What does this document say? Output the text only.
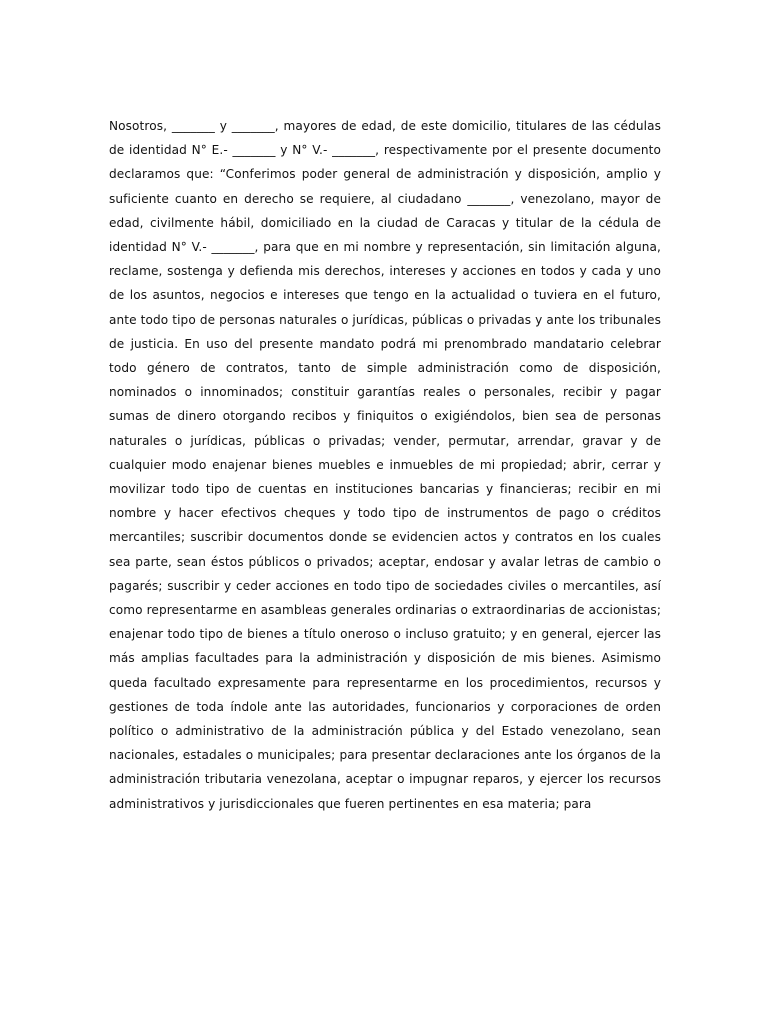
Nosotros, _______ y _______, mayores de edad, de este domicilio, titulares de las cédulas de identidad N° E.- _______ y N° V.- _______, respectivamente por el presente documento declaramos que: “Conferimos poder general de administración y disposición, amplio y suficiente cuanto en derecho se requiere, al ciudadano _______, venezolano, mayor de edad, civilmente hábil, domiciliado en la ciudad de Caracas y titular de la cédula de identidad N° V.- _______, para que en mi nombre y representación, sin limitación alguna, reclame, sostenga y defienda mis derechos, intereses y acciones en todos y cada y uno de los asuntos, negocios e intereses que tengo en la actualidad o tuviera en el futuro, ante todo tipo de personas naturales o jurídicas, públicas o privadas y ante los tribunales de justicia. En uso del presente mandato podrá mi prenombrado mandatario celebrar todo género de contratos, tanto de simple administración como de disposición, nominados o innominados; constituir garantías reales o personales, recibir y pagar sumas de dinero otorgando recibos y finiquitos o exigiéndolos, bien sea de personas naturales o jurídicas, públicas o privadas; vender, permutar, arrendar, gravar y de cualquier modo enajenar bienes muebles e inmuebles de mi propiedad; abrir, cerrar y movilizar todo tipo de cuentas en instituciones bancarias y financieras; recibir en mi nombre y hacer efectivos cheques y todo tipo de instrumentos de pago o créditos mercantiles; suscribir documentos donde se evidencien actos y contratos en los cuales sea parte, sean éstos públicos o privados; aceptar, endosar y avalar letras de cambio o pagarés; suscribir y ceder acciones en todo tipo de sociedades civiles o mercantiles, así como representarme en asambleas generales ordinarias o extraordinarias de accionistas; enajenar todo tipo de bienes a título oneroso o incluso gratuito; y en general, ejercer las más amplias facultades para la administración y disposición de mis bienes. Asimismo queda facultado expresamente para representarme en los procedimientos, recursos y gestiones de toda índole ante las autoridades, funcionarios y corporaciones de orden político o administrativo de la administración pública y del Estado venezolano, sean nacionales, estadales o municipales; para presentar declaraciones ante los órganos de la administración tributaria venezolana, aceptar o impugnar reparos, y ejercer los recursos administrativos y jurisdiccionales que fueren pertinentes en esa materia; para
